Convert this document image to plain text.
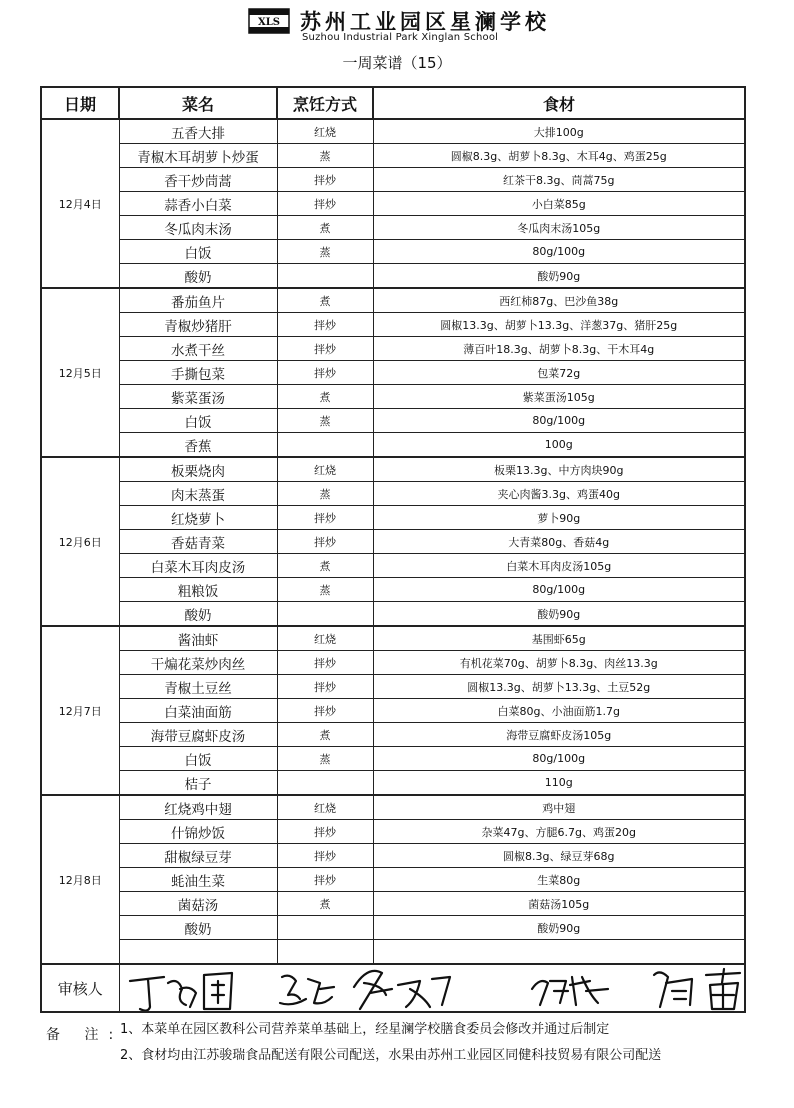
XLS 苏州工业园区星澜学校
Suzhou Industrial Park Xinglan School
一周菜谱（15）
日期	菜名	烹饪方式	食材
12月4日	五香大排	红烧	大排100g
	青椒木耳胡萝卜炒蛋	蒸	圆椒8.3g、胡萝卜8.3g、木耳4g、鸡蛋25g
	香干炒茼蒿	拌炒	红茶干8.3g、茼蒿75g
	蒜香小白菜	拌炒	小白菜85g
	冬瓜肉末汤	煮	冬瓜肉末汤105g
	白饭	蒸	80g/100g
	酸奶		酸奶90g
12月5日	番茄鱼片	煮	西红柿87g、巴沙鱼38g
	青椒炒猪肝	拌炒	圆椒13.3g、胡萝卜13.3g、洋葱37g、猪肝25g
	水煮干丝	拌炒	薄百叶18.3g、胡萝卜8.3g、干木耳4g
	手撕包菜	拌炒	包菜72g
	紫菜蛋汤	煮	紫菜蛋汤105g
	白饭	蒸	80g/100g
	香蕉		100g
12月6日	板栗烧肉	红烧	板栗13.3g、中方肉块90g
	肉末蒸蛋	蒸	夹心肉酱3.3g、鸡蛋40g
	红烧萝卜	拌炒	萝卜90g
	香菇青菜	拌炒	大青菜80g、香菇4g
	白菜木耳肉皮汤	煮	白菜木耳肉皮汤105g
	粗粮饭	蒸	80g/100g
	酸奶		酸奶90g
12月7日	酱油虾	红烧	基围虾65g
	干煸花菜炒肉丝	拌炒	有机花菜70g、胡萝卜8.3g、肉丝13.3g
	青椒土豆丝	拌炒	圆椒13.3g、胡萝卜13.3g、土豆52g
	白菜油面筋	拌炒	白菜80g、小油面筋1.7g
	海带豆腐虾皮汤	煮	海带豆腐虾皮汤105g
	白饭	蒸	80g/100g
	桔子		110g
12月8日	红烧鸡中翅	红烧	鸡中翅
	什锦炒饭	拌炒	杂菜47g、方腿6.7g、鸡蛋20g
	甜椒绿豆芽	拌炒	圆椒8.3g、绿豆芽68g
	蚝油生菜	拌炒	生菜80g
	菌菇汤	煮	菌菇汤105g
	酸奶		酸奶90g

审核人	
备 注:
1、本菜单在园区教科公司营养菜单基础上，经星澜学校膳食委员会修改并通过后制定
2、食材均由江苏骏瑞食品配送有限公司配送，水果由苏州工业园区同健科技贸易有限公司配送
